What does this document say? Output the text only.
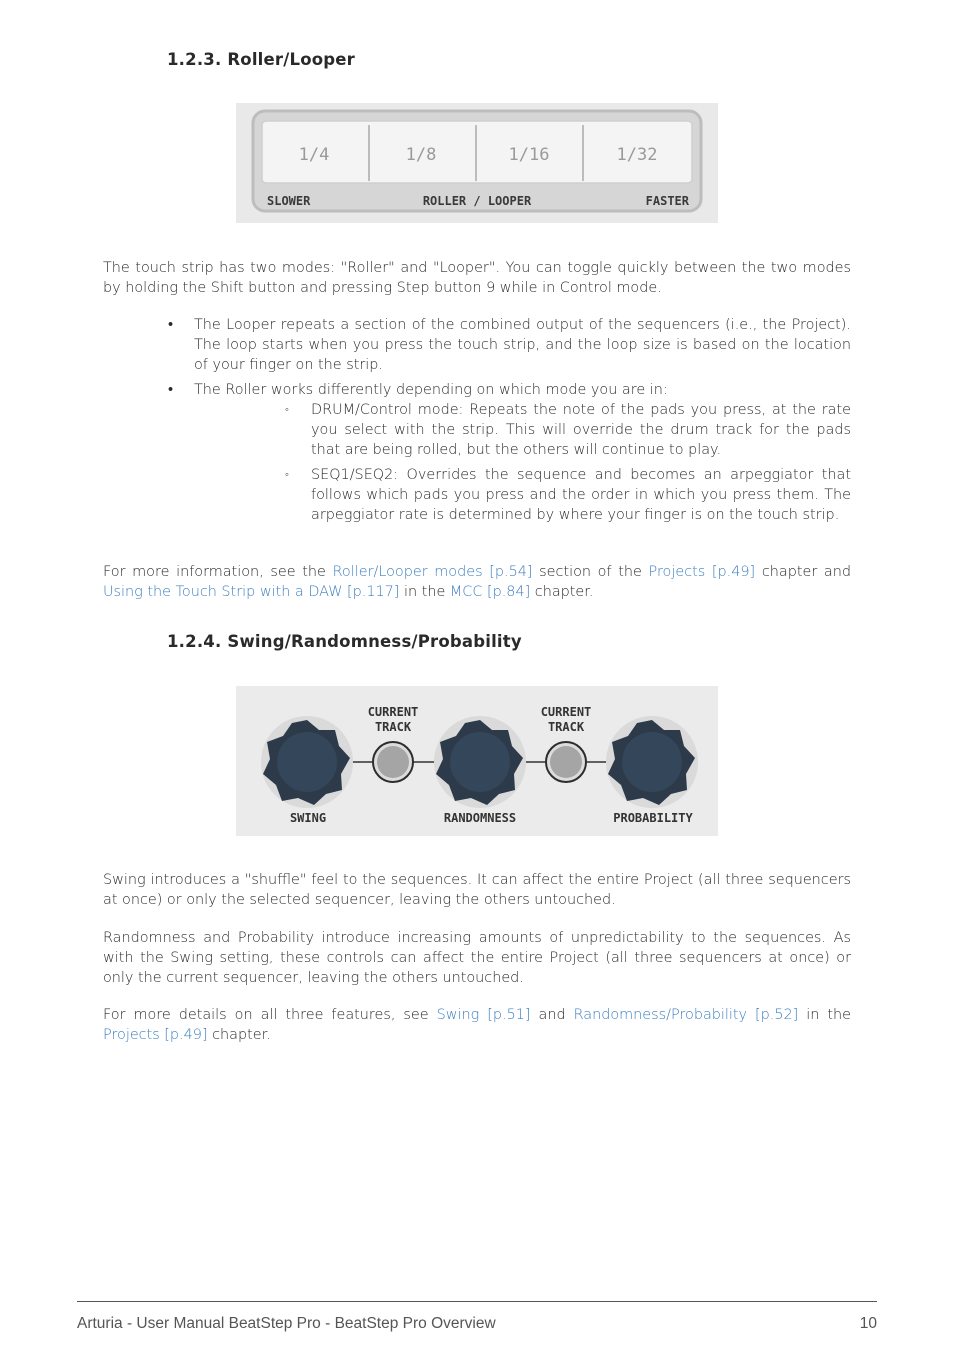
1.2.3. Roller/Looper
1/4	1/8	1/16	1/32
SLOWER	ROLLER / LOOPER	FASTER

The touch strip has two modes: "Roller" and "Looper". You can toggle quickly between the two modes by holding the Shift button and pressing Step button 9 while in Control mode.

• The Looper repeats a section of the combined output of the sequencers (i.e., the Project). The loop starts when you press the touch strip, and the loop size is based on the location of your finger on the strip.
• The Roller works differently depending on which mode you are in:
◦ DRUM/Control mode: Repeats the note of the pads you press, at the rate you select with the strip. This will override the drum track for the pads that are being rolled, but the others will continue to play.
◦ SEQ1/SEQ2: Overrides the sequence and becomes an arpeggiator that follows which pads you press and the order in which you press them. The arpeggiator rate is determined by where your finger is on the touch strip.

For more information, see the Roller/Looper modes [p.54] section of the Projects [p.49] chapter and Using the Touch Strip with a DAW [p.117] in the MCC [p.84] chapter.

1.2.4. Swing/Randomness/Probability
CURRENT
TRACK
CURRENT
TRACK
SWING	RANDOMNESS	PROBABILITY

Swing introduces a "shuffle" feel to the sequences. It can affect the entire Project (all three sequencers at once) or only the selected sequencer, leaving the others untouched.

Randomness and Probability introduce increasing amounts of unpredictability to the sequences. As with the Swing setting, these controls can affect the entire Project (all three sequencers at once) or only the current sequencer, leaving the others untouched.

For more details on all three features, see Swing [p.51] and Randomness/Probability [p.52] in the Projects [p.49] chapter.

Arturia - User Manual BeatStep Pro - BeatStep Pro Overview	10
